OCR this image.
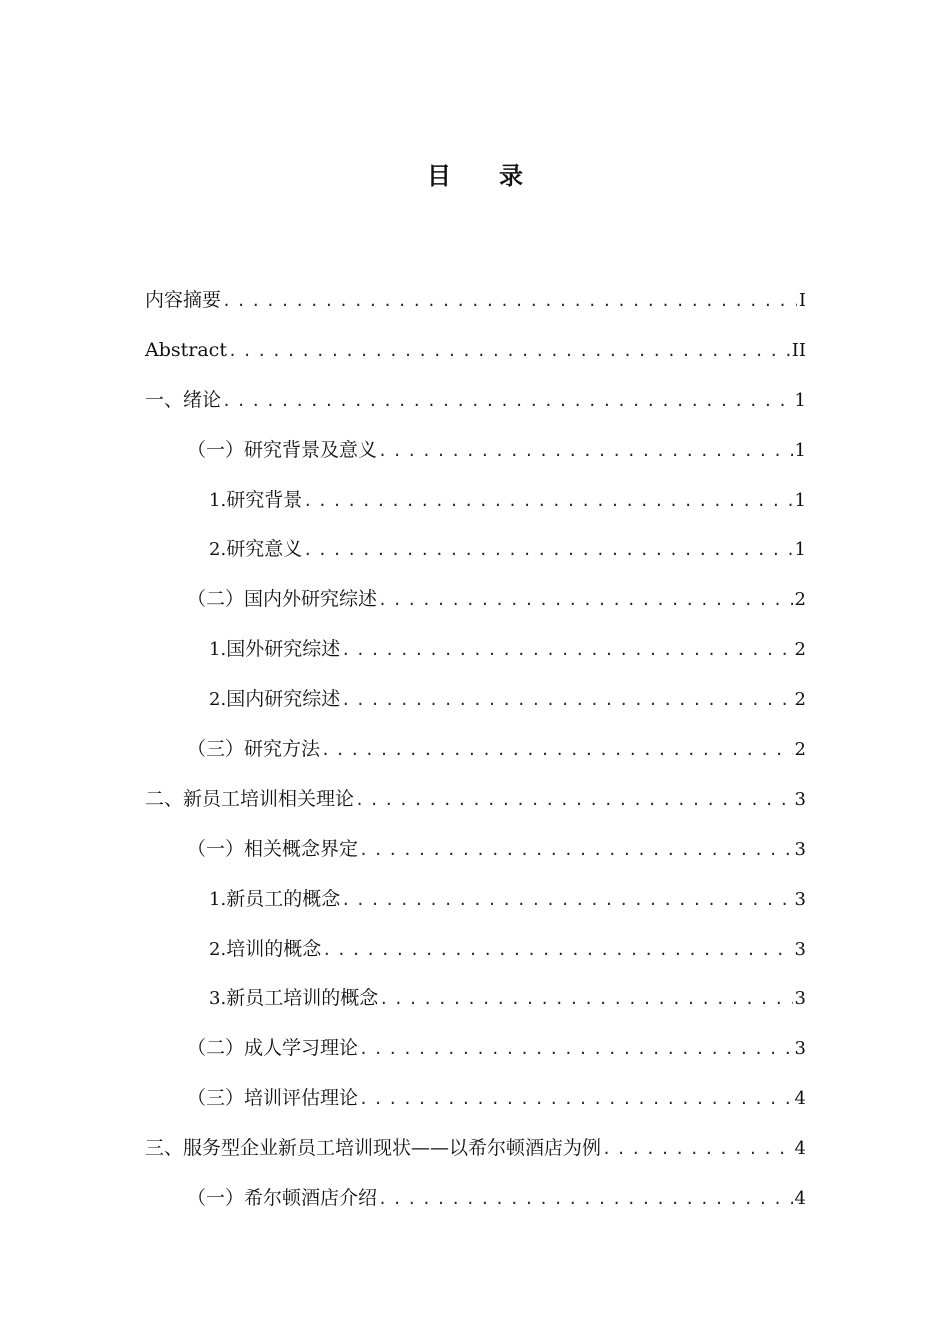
目 录
内容摘要 .....	I
Abstract .....	II
一、绪论 .....	1
（一）研究背景及意义 .....	1
1. 研究背景 .....	1
2. 研究意义 .....	1
（二）国内外研究综述 .....	2
1. 国外研究综述 .....	2
2. 国内研究综述 .....	2
（三）研究方法 .....	2
二、新员工培训相关理论 .....	3
（一）相关概念界定 .....	3
1. 新员工的概念 .....	3
2. 培训的概念 .....	3
3. 新员工培训的概念 .....	3
（二）成人学习理论 .....	3
（三）培训评估理论 .....	4
三、服务型企业新员工培训现状——以希尔顿酒店为例 .....	4
（一）希尔顿酒店介绍 .....	4
